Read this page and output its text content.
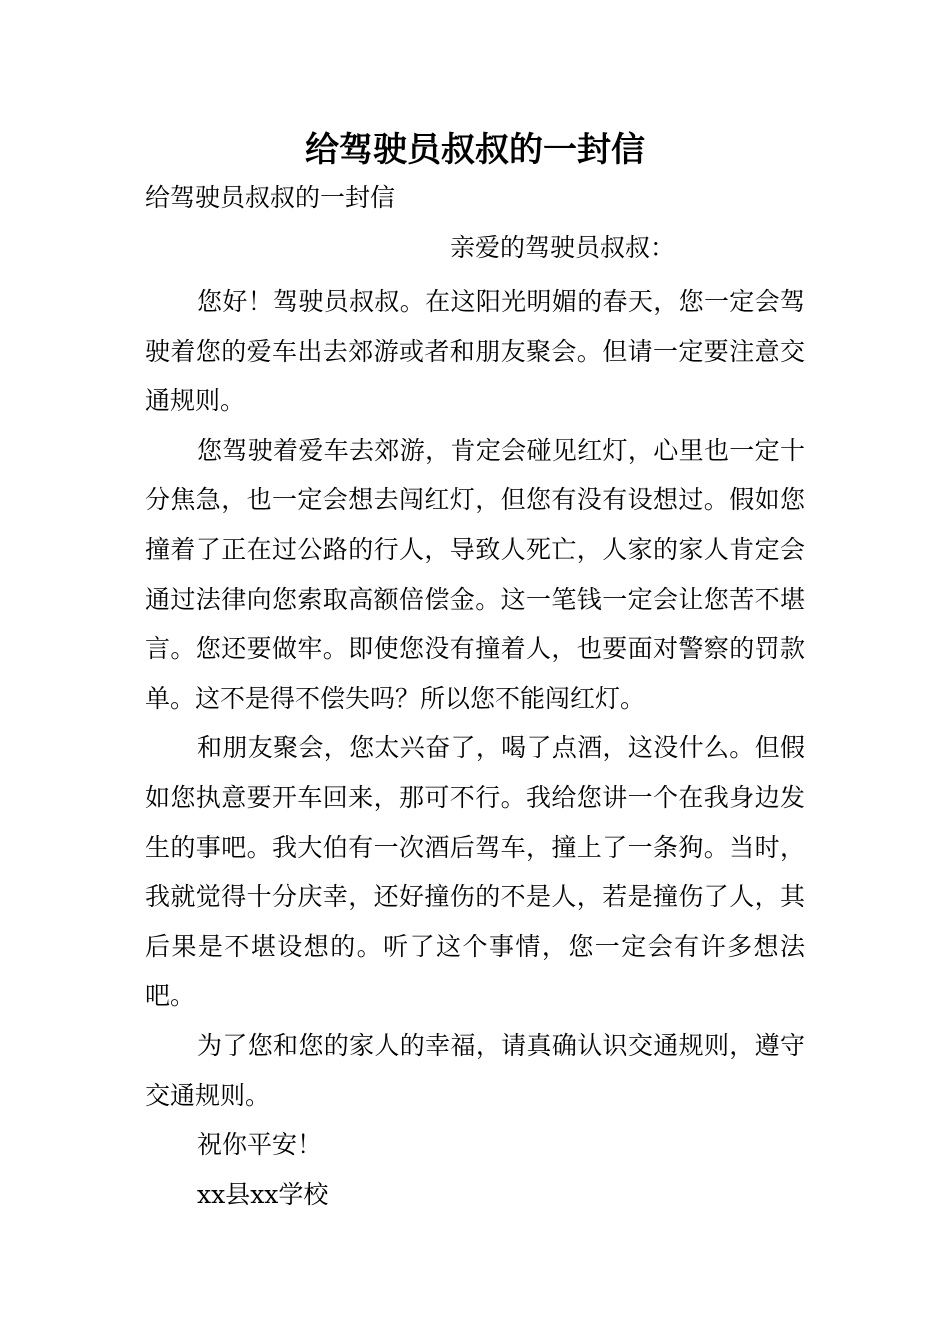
给驾驶员叔叔的一封信
给驾驶员叔叔的一封信
亲爱的驾驶员叔叔：

您好！驾驶员叔叔。在这阳光明媚的春天，您一定会驾驶着您的爱车出去郊游或者和朋友聚会。但请一定要注意交通规则。

您驾驶着爱车去郊游，肯定会碰见红灯，心里也一定十分焦急，也一定会想去闯红灯，但您有没有设想过。假如您撞着了正在过公路的行人，导致人死亡，人家的家人肯定会通过法律向您索取高额倍偿金。这一笔钱一定会让您苦不堪言。您还要做牢。即使您没有撞着人，也要面对警察的罚款单。这不是得不偿失吗？所以您不能闯红灯。

和朋友聚会，您太兴奋了，喝了点酒，这没什么。但假如您执意要开车回来，那可不行。我给您讲一个在我身边发生的事吧。我大伯有一次酒后驾车，撞上了一条狗。当时，我就觉得十分庆幸，还好撞伤的不是人，若是撞伤了人，其后果是不堪设想的。听了这个事情，您一定会有许多想法吧。

为了您和您的家人的幸福，请真确认识交通规则，遵守交通规则。

祝你平安！

xx县xx学校
